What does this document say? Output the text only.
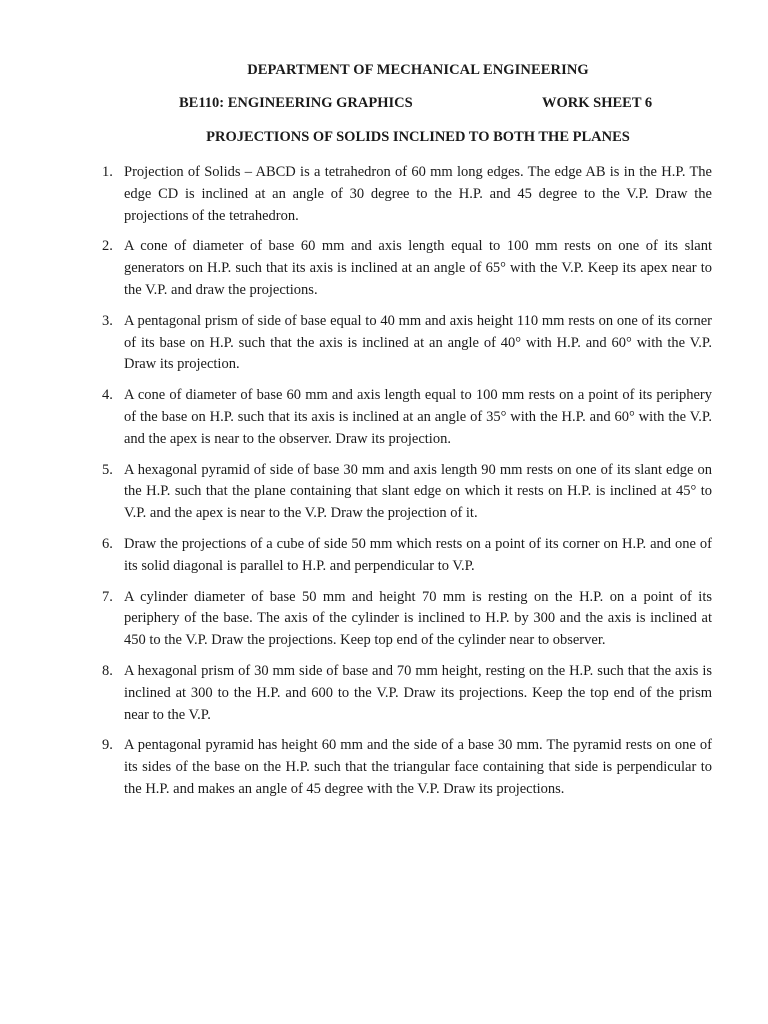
DEPARTMENT OF MECHANICAL ENGINEERING
BE110: ENGINEERING GRAPHICS	WORK SHEET 6
PROJECTIONS OF SOLIDS INCLINED TO BOTH THE PLANES
1. Projection of Solids – ABCD is a tetrahedron of 60 mm long edges. The edge AB is in the H.P. The edge CD is inclined at an angle of 30 degree to the H.P. and 45 degree to the V.P. Draw the projections of the tetrahedron.
2. A cone of diameter of base 60 mm and axis length equal to 100 mm rests on one of its slant generators on H.P. such that its axis is inclined at an angle of 65° with the V.P. Keep its apex near to the V.P. and draw the projections.
3. A pentagonal prism of side of base equal to 40 mm and axis height 110 mm rests on one of its corner of its base on H.P. such that the axis is inclined at an angle of 40° with H.P. and 60° with the V.P. Draw its projection.
4. A cone of diameter of base 60 mm and axis length equal to 100 mm rests on a point of its periphery of the base on H.P. such that its axis is inclined at an angle of 35° with the H.P. and 60° with the V.P. and the apex is near to the observer. Draw its projection.
5. A hexagonal pyramid of side of base 30 mm and axis length 90 mm rests on one of its slant edge on the H.P. such that the plane containing that slant edge on which it rests on H.P. is inclined at 45° to V.P. and the apex is near to the V.P. Draw the projection of it.
6. Draw the projections of a cube of side 50 mm which rests on a point of its corner on H.P. and one of its solid diagonal is parallel to H.P. and perpendicular to V.P.
7. A cylinder diameter of base 50 mm and height 70 mm is resting on the H.P. on a point of its periphery of the base. The axis of the cylinder is inclined to H.P. by 300 and the axis is inclined at 450 to the V.P. Draw the projections. Keep top end of the cylinder near to observer.
8. A hexagonal prism of 30 mm side of base and 70 mm height, resting on the H.P. such that the axis is inclined at 300 to the H.P. and 600 to the V.P. Draw its projections. Keep the top end of the prism near to the V.P.
9. A pentagonal pyramid has height 60 mm and the side of a base 30 mm. The pyramid rests on one of its sides of the base on the H.P. such that the triangular face containing that side is perpendicular to the H.P. and makes an angle of 45 degree with the V.P. Draw its projections.
